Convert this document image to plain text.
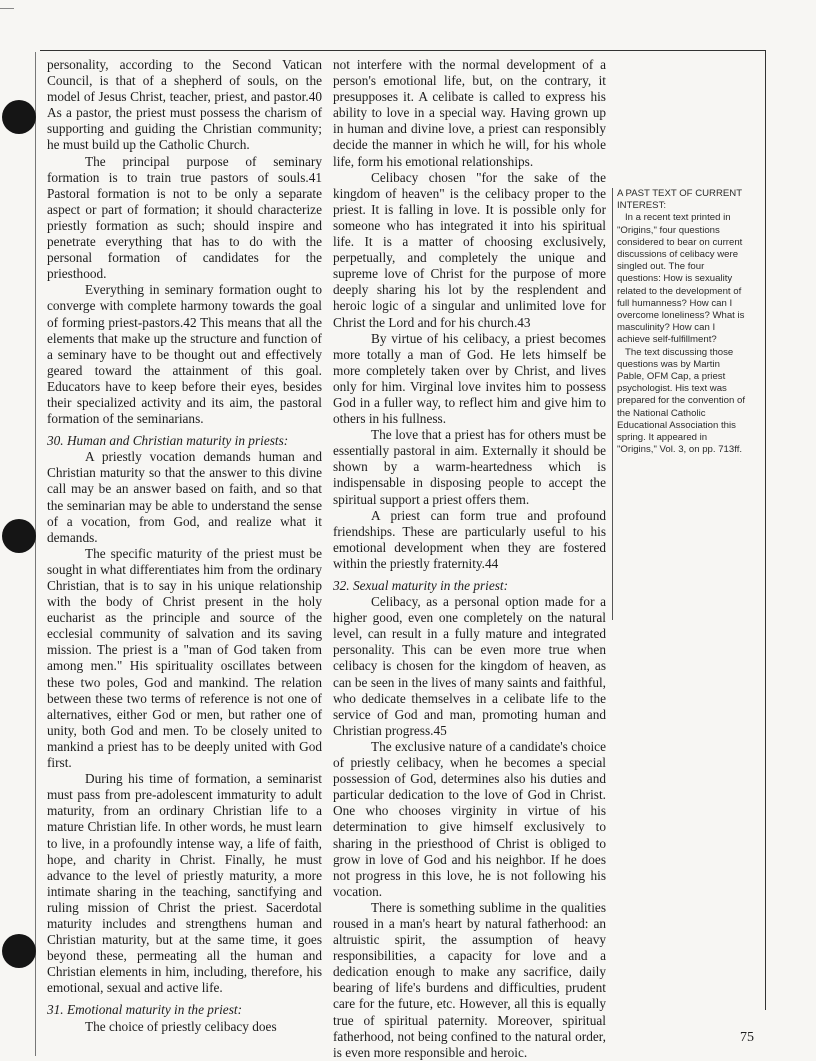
personality, according to the Second Vatican Council, is that of a shepherd of souls, on the model of Jesus Christ, teacher, priest, and pastor.40 As a pastor, the priest must possess the charism of supporting and guiding the Christian community; he must build up the Catholic Church.

The principal purpose of seminary formation is to train true pastors of souls.41 Pastoral formation is not to be only a separate aspect or part of formation; it should characterize priestly formation as such; should inspire and penetrate everything that has to do with the personal formation of candidates for the priesthood.

Everything in seminary formation ought to converge with complete harmony towards the goal of forming priest-pastors.42 This means that all the elements that make up the structure and function of a seminary have to be thought out and effectively geared toward the attainment of this goal. Educators have to keep before their eyes, besides their specialized activity and its aim, the pastoral formation of the seminarians.

30. Human and Christian maturity in priests:

A priestly vocation demands human and Christian maturity so that the answer to this divine call may be an answer based on faith, and so that the seminarian may be able to understand the sense of a vocation, from God, and realize what it demands.

The specific maturity of the priest must be sought in what differentiates him from the ordinary Christian, that is to say in his unique relationship with the body of Christ present in the holy eucharist as the principle and source of the ecclesial community of salvation and its saving mission. The priest is a "man of God taken from among men." His spirituality oscillates between these two poles, God and mankind. The relation between these two terms of reference is not one of alternatives, either God or men, but rather one of unity, both God and men. To be closely united to mankind a priest has to be deeply united with God first.

During his time of formation, a seminarist must pass from pre-adolescent immaturity to adult maturity, from an ordinary Christian life to a mature Christian life. In other words, he must learn to live, in a profoundly intense way, a life of faith, hope, and charity in Christ. Finally, he must advance to the level of priestly maturity, a more intimate sharing in the teaching, sanctifying and ruling mission of Christ the priest. Sacerdotal maturity includes and strengthens human and Christian maturity, but at the same time, it goes beyond these, permeating all the human and Christian elements in him, including, therefore, his emotional, sexual and active life.

31. Emotional maturity in the priest:

The choice of priestly celibacy does

not interfere with the normal development of a person's emotional life, but, on the contrary, it presupposes it. A celibate is called to express his ability to love in a special way. Having grown up in human and divine love, a priest can responsibly decide the manner in which he will, for his whole life, form his emotional relationships.

Celibacy chosen "for the sake of the kingdom of heaven" is the celibacy proper to the priest. It is falling in love. It is possible only for someone who has integrated it into his spiritual life. It is a matter of choosing exclusively, perpetually, and completely the unique and supreme love of Christ for the purpose of more deeply sharing his lot by the resplendent and heroic logic of a singular and unlimited love for Christ the Lord and for his church.43

By virtue of his celibacy, a priest becomes more totally a man of God. He lets himself be more completely taken over by Christ, and lives only for him. Virginal love invites him to possess God in a fuller way, to reflect him and give him to others in his fullness.

The love that a priest has for others must be essentially pastoral in aim. Externally it should be shown by a warm-heartedness which is indispensable in disposing people to accept the spiritual support a priest offers them.

A priest can form true and profound friendships. These are particularly useful to his emotional development when they are fostered within the priestly fraternity.44

32. Sexual maturity in the priest:

Celibacy, as a personal option made for a higher good, even one completely on the natural level, can result in a fully mature and integrated personality. This can be even more true when celibacy is chosen for the kingdom of heaven, as can be seen in the lives of many saints and faithful, who dedicate themselves in a celibate life to the service of God and man, promoting human and Christian progress.45

The exclusive nature of a candidate's choice of priestly celibacy, when he becomes a special possession of God, determines also his duties and particular dedication to the love of God in Christ. One who chooses virginity in virtue of his determination to give himself exclusively to sharing in the priesthood of Christ is obliged to grow in love of God and his neighbor. If he does not progress in this love, he is not following his vocation.

There is something sublime in the qualities roused in a man's heart by natural fatherhood: an altruistic spirit, the assumption of heavy responsibilities, a capacity for love and a dedication enough to make any sacrifice, daily bearing of life's burdens and difficulties, prudent care for the future, etc. However, all this is equally true of spiritual paternity. Moreover, spiritual fatherhood, not being confined to the natural order, is even more responsible and heroic.

A PAST TEXT OF CURRENT INTEREST:

In a recent text printed in "Origins," four questions considered to bear on current discussions of celibacy were singled out. The four questions: How is sexuality related to the development of full humanness? How can I overcome loneliness? What is masculinity? How can I achieve self-fulfillment?

The text discussing those questions was by Martin Pable, OFM Cap, a priest psychologist. His text was prepared for the convention of the National Catholic Educational Association this spring. It appeared in "Origins," Vol. 3, on pp. 713ff.

75
